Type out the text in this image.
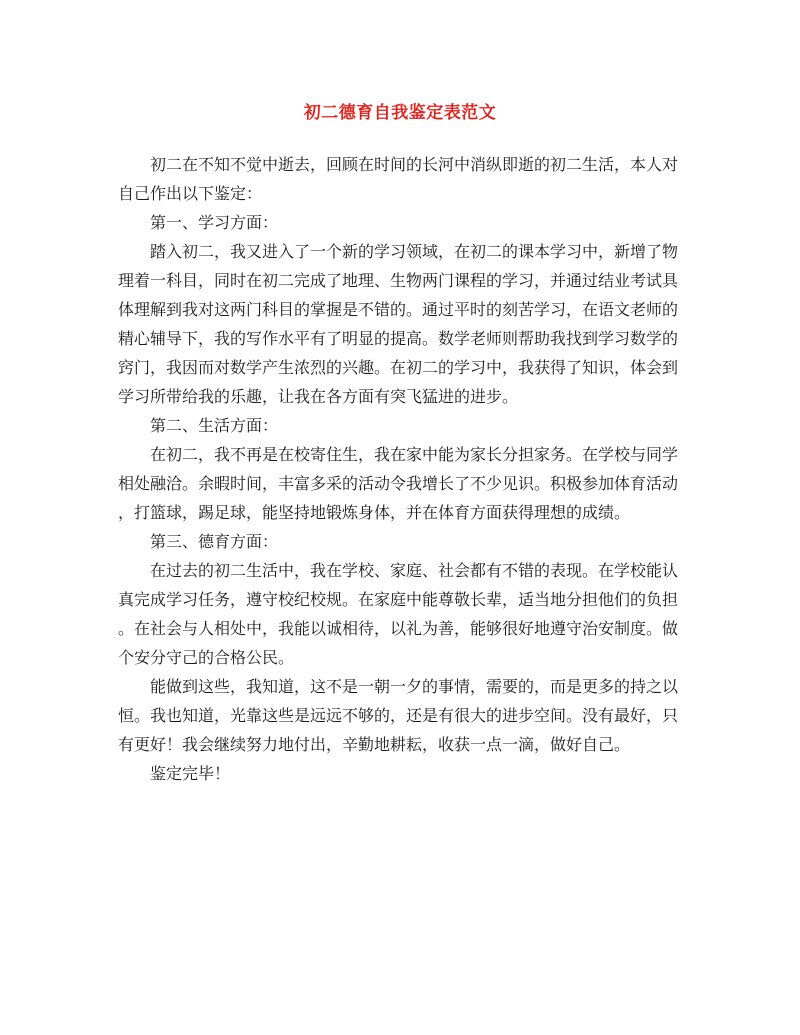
初二德育自我鉴定表范文
初二在不知不觉中逝去，回顾在时间的长河中消纵即逝的初二生活，本人对
自己作出以下鉴定：
第一、学习方面：
踏入初二，我又进入了一个新的学习领域，在初二的课本学习中，新增了物
理着一科目，同时在初二完成了地理、生物两门课程的学习，并通过结业考试具
体理解到我对这两门科目的掌握是不错的。通过平时的刻苦学习，在语文老师的
精心辅导下，我的写作水平有了明显的提高。数学老师则帮助我找到学习数学的
窍门，我因而对数学产生浓烈的兴趣。在初二的学习中，我获得了知识，体会到
学习所带给我的乐趣，让我在各方面有突飞猛进的进步。
第二、生活方面：
在初二，我不再是在校寄住生，我在家中能为家长分担家务。在学校与同学
相处融洽。余暇时间，丰富多采的活动令我增长了不少见识。积极参加体育活动
，打篮球，踢足球，能坚持地锻炼身体，并在体育方面获得理想的成绩。
第三、德育方面：
在过去的初二生活中，我在学校、家庭、社会都有不错的表现。在学校能认
真完成学习任务，遵守校纪校规。在家庭中能尊敬长辈，适当地分担他们的负担
。在社会与人相处中，我能以诚相待，以礼为善，能够很好地遵守治安制度。做
个安分守己的合格公民。
能做到这些，我知道，这不是一朝一夕的事情，需要的，而是更多的持之以
恒。我也知道，光靠这些是远远不够的，还是有很大的进步空间。没有最好，只
有更好！我会继续努力地付出，辛勤地耕耘，收获一点一滴，做好自己。
鉴定完毕！
